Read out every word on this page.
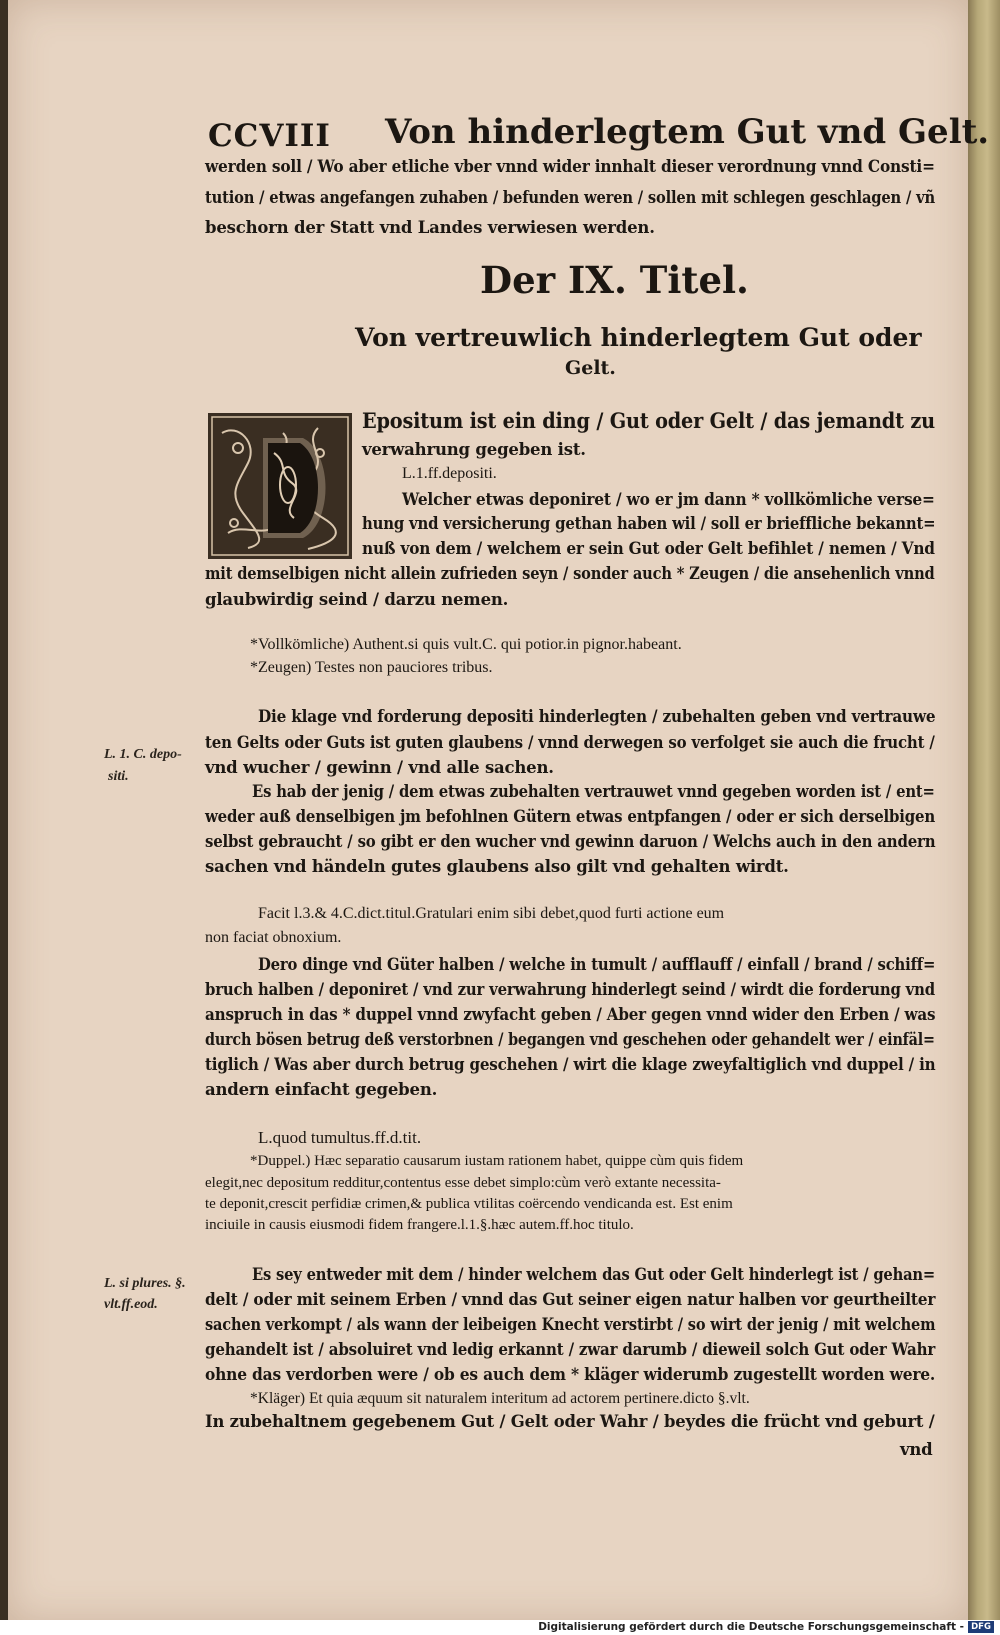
CCVIII Von hinderlegtem Gut vnd Gelt.
werden soll / Wo aber etliche vber vnnd wider innhalt dieser verordnung vnnd Consti=
tution / etwas angefangen zuhaben / befunden weren / sollen mit schlegen geschlagen / vñ
beschorn der Statt vnd Landes verwiesen werden.
Der IX. Titel.
Von vertreuwlich hinderlegtem Gut oder
Gelt.
Epositum ist ein ding / Gut oder Gelt / das jemandt zu
verwahrung gegeben ist.
L.1.ff.depositi.
Welcher etwas deponiret / wo er jm dann * vollkömliche verse=
hung vnd versicherung gethan haben wil / soll er brieffliche bekannt=
nuß von dem / welchem er sein Gut oder Gelt befihlet / nemen / Vnd
mit demselbigen nicht allein zufrieden seyn / sonder auch * Zeugen / die ansehenlich vnnd
glaubwirdig seind / darzu nemen.
*Vollkömliche) Authent.si quis vult.C. qui potior.in pignor.habeant.
*Zeugen) Testes non pauciores tribus.
L. 1. C. depo-
siti.
L. si plures. §.
vlt.ff.eod.
Die klage vnd forderung depositi hinderlegten / zubehalten geben vnd vertrauwe
ten Gelts oder Guts ist guten glaubens / vnnd derwegen so verfolget sie auch die frucht /
vnd wucher / gewinn / vnd alle sachen.
Es hab der jenig / dem etwas zubehalten vertrauwet vnnd gegeben worden ist / ent=
weder auß denselbigen jm befohlnen Gütern etwas entpfangen / oder er sich derselbigen
selbst gebraucht / so gibt er den wucher vnd gewinn daruon / Welchs auch in den andern
sachen vnd händeln gutes glaubens also gilt vnd gehalten wirdt.
Facit l.3.& 4.C.dict.titul.Gratulari enim sibi debet,quod furti actione eum
non faciat obnoxium.
Dero dinge vnd Güter halben / welche in tumult / aufflauff / einfall / brand / schiff=
bruch halben / deponiret / vnd zur verwahrung hinderlegt seind / wirdt die forderung vnd
anspruch in das * duppel vnnd zwyfacht geben / Aber gegen vnnd wider den Erben / was
durch bösen betrug deß verstorbnen / begangen vnd geschehen oder gehandelt wer / einfäl=
tiglich / Was aber durch betrug geschehen / wirt die klage zweyfaltiglich vnd duppel / in
andern einfacht gegeben.
L.quod tumultus.ff.d.tit.
*Duppel.) Hæc separatio causarum iustam rationem habet, quippe cùm quis fidem
elegit,nec depositum redditur,contentus esse debet simplo:cùm verò extante necessita-
te deponit,crescit perfidiæ crimen,& publica vtilitas coërcendo vendicanda est. Est enim
inciuile in causis eiusmodi fidem frangere.l.1.§.hæc autem.ff.hoc titulo.
Es sey entweder mit dem / hinder welchem das Gut oder Gelt hinderlegt ist / gehan=
delt / oder mit seinem Erben / vnnd das Gut seiner eigen natur halben vor geurtheilter
sachen verkompt / als wann der leibeigen Knecht verstirbt / so wirt der jenig / mit welchem
gehandelt ist / absoluiret vnd ledig erkannt / zwar darumb / dieweil solch Gut oder Wahr
ohne das verdorben were / ob es auch dem * kläger widerumb zugestellt worden were.
*Kläger) Et quia æquum sit naturalem interitum ad actorem pertinere.dicto §.vlt.
In zubehaltnem gegebenem Gut / Gelt oder Wahr / beydes die frücht vnd geburt /
vnd
Digitalisierung gefördert durch die Deutsche Forschungsgemeinschaft - DFG
